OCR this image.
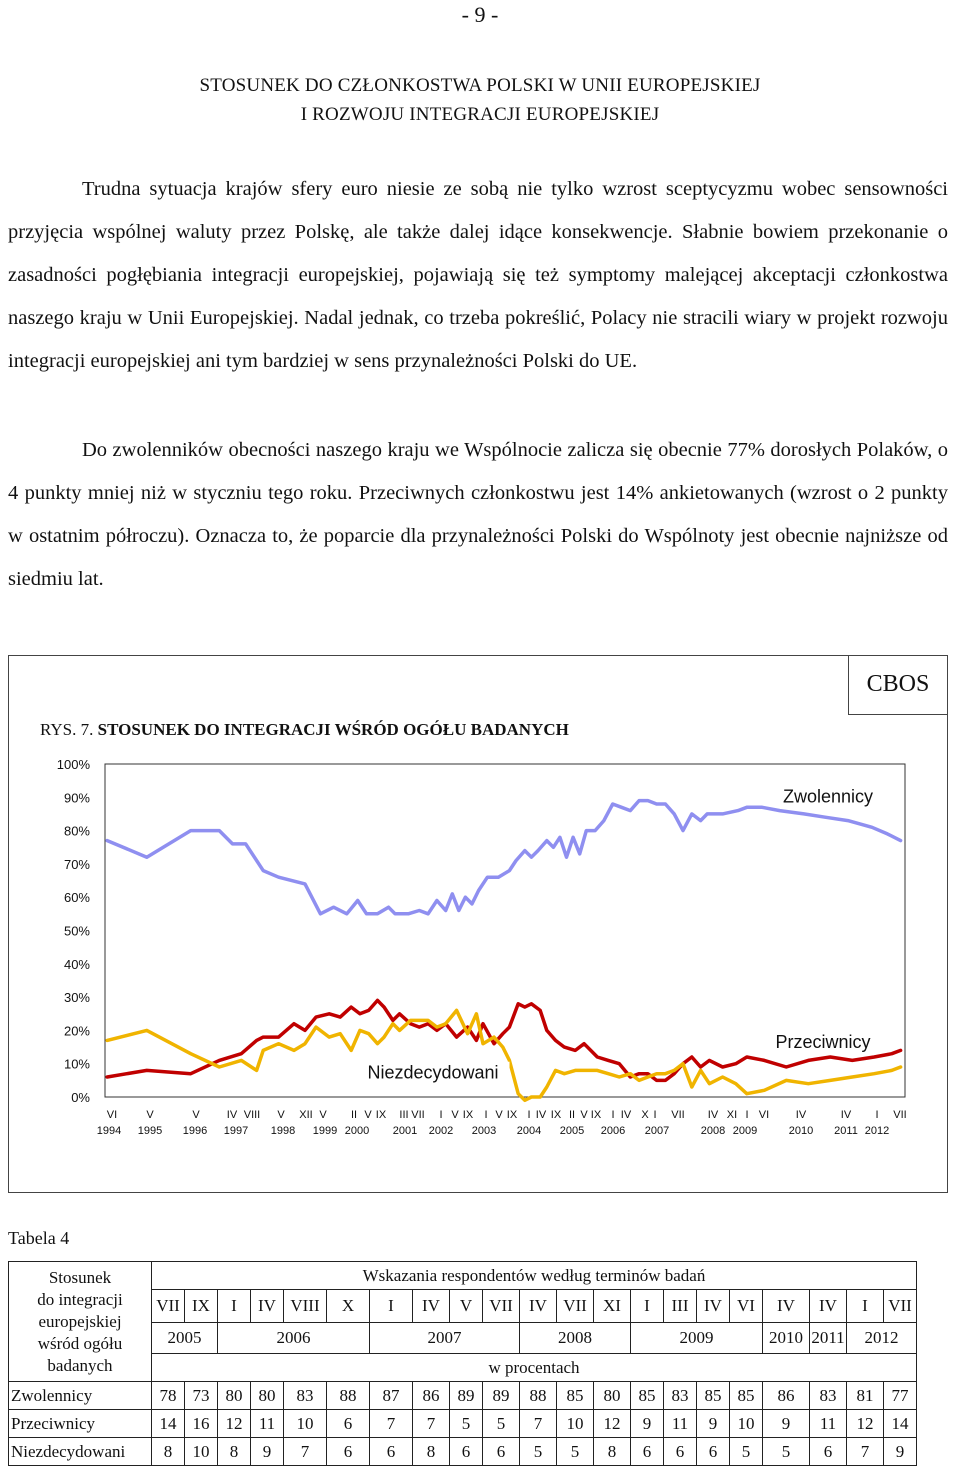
- 9 -
STOSUNEK DO CZŁONKOSTWA POLSKI W UNII EUROPEJSKIEJ
I ROZWOJU INTEGRACJI EUROPEJSKIEJ

Trudna sytuacja krajów sfery euro niesie ze sobą nie tylko wzrost sceptycyzmu wobec sensowności przyjęcia wspólnej waluty przez Polskę, ale także dalej idące konsekwencje. Słabnie bowiem przekonanie o zasadności pogłębiania integracji europejskiej, pojawiają się też symptomy malejącej akceptacji członkostwa naszego kraju w Unii Europejskiej. Nadal jednak, co trzeba pokreślić, Polacy nie stracili wiary w projekt rozwoju integracji europejskiej ani tym bardziej w sens przynależności Polski do UE.

Do zwolenników obecności naszego kraju we Wspólnocie zalicza się obecnie 77% dorosłych Polaków, o 4 punkty mniej niż w styczniu tego roku. Przeciwnych członkostwu jest 14% ankietowanych (wzrost o 2 punkty w ostatnim półroczu). Oznacza to, że poparcie dla przynależności Polski do Wspólnoty jest obecnie najniższe od siedmiu lat.

CBOS
RYS. 7. STOSUNEK DO INTEGRACJI WŚRÓD OGÓŁU BADANYCH
100%
90%
80%
70%
60%
50%
40%
30%
20%
10%
0%
VI	V	V IV VIII V XII V II V IX III VII I V IX I V IX I IV IX II V IX I IV X I VII IV XI I VI IV	IV I VII
1994 1995 1996 1997 1998 1999 2000 2001 2002 2003 2004 2005 2006 2007	2008 2009	2010 2011 2012
Zwolennicy
Przeciwnicy
Niezdecydowani
Tabela 4
Stosunek
do integracji
europejskiej
wśród ogółu
badanych	Wskazania respondentów według terminów badań																				
	VII	IX	I	IV	VIII	X	I	IV	V	VII	IV	VII	XI	I	III	IV	VI	IV	IV	I	VII
	2005		2006				2007				2008			2009				2010	2011	2012	
	w procentach																				
Zwolennicy	78	73	80	80	83	88	87	86	89	89	88	85	80	85	83	85	85	86	83	81	77
Przeciwnicy	14	16	12	11	10	6	7	7	5	5	7	10	12	9	11	9	10	9	11	12	14
Niezdecydowani	8	10	8	9	7	6	6	8	6	6	5	5	8	6	6	6	5	5	6	7	9
